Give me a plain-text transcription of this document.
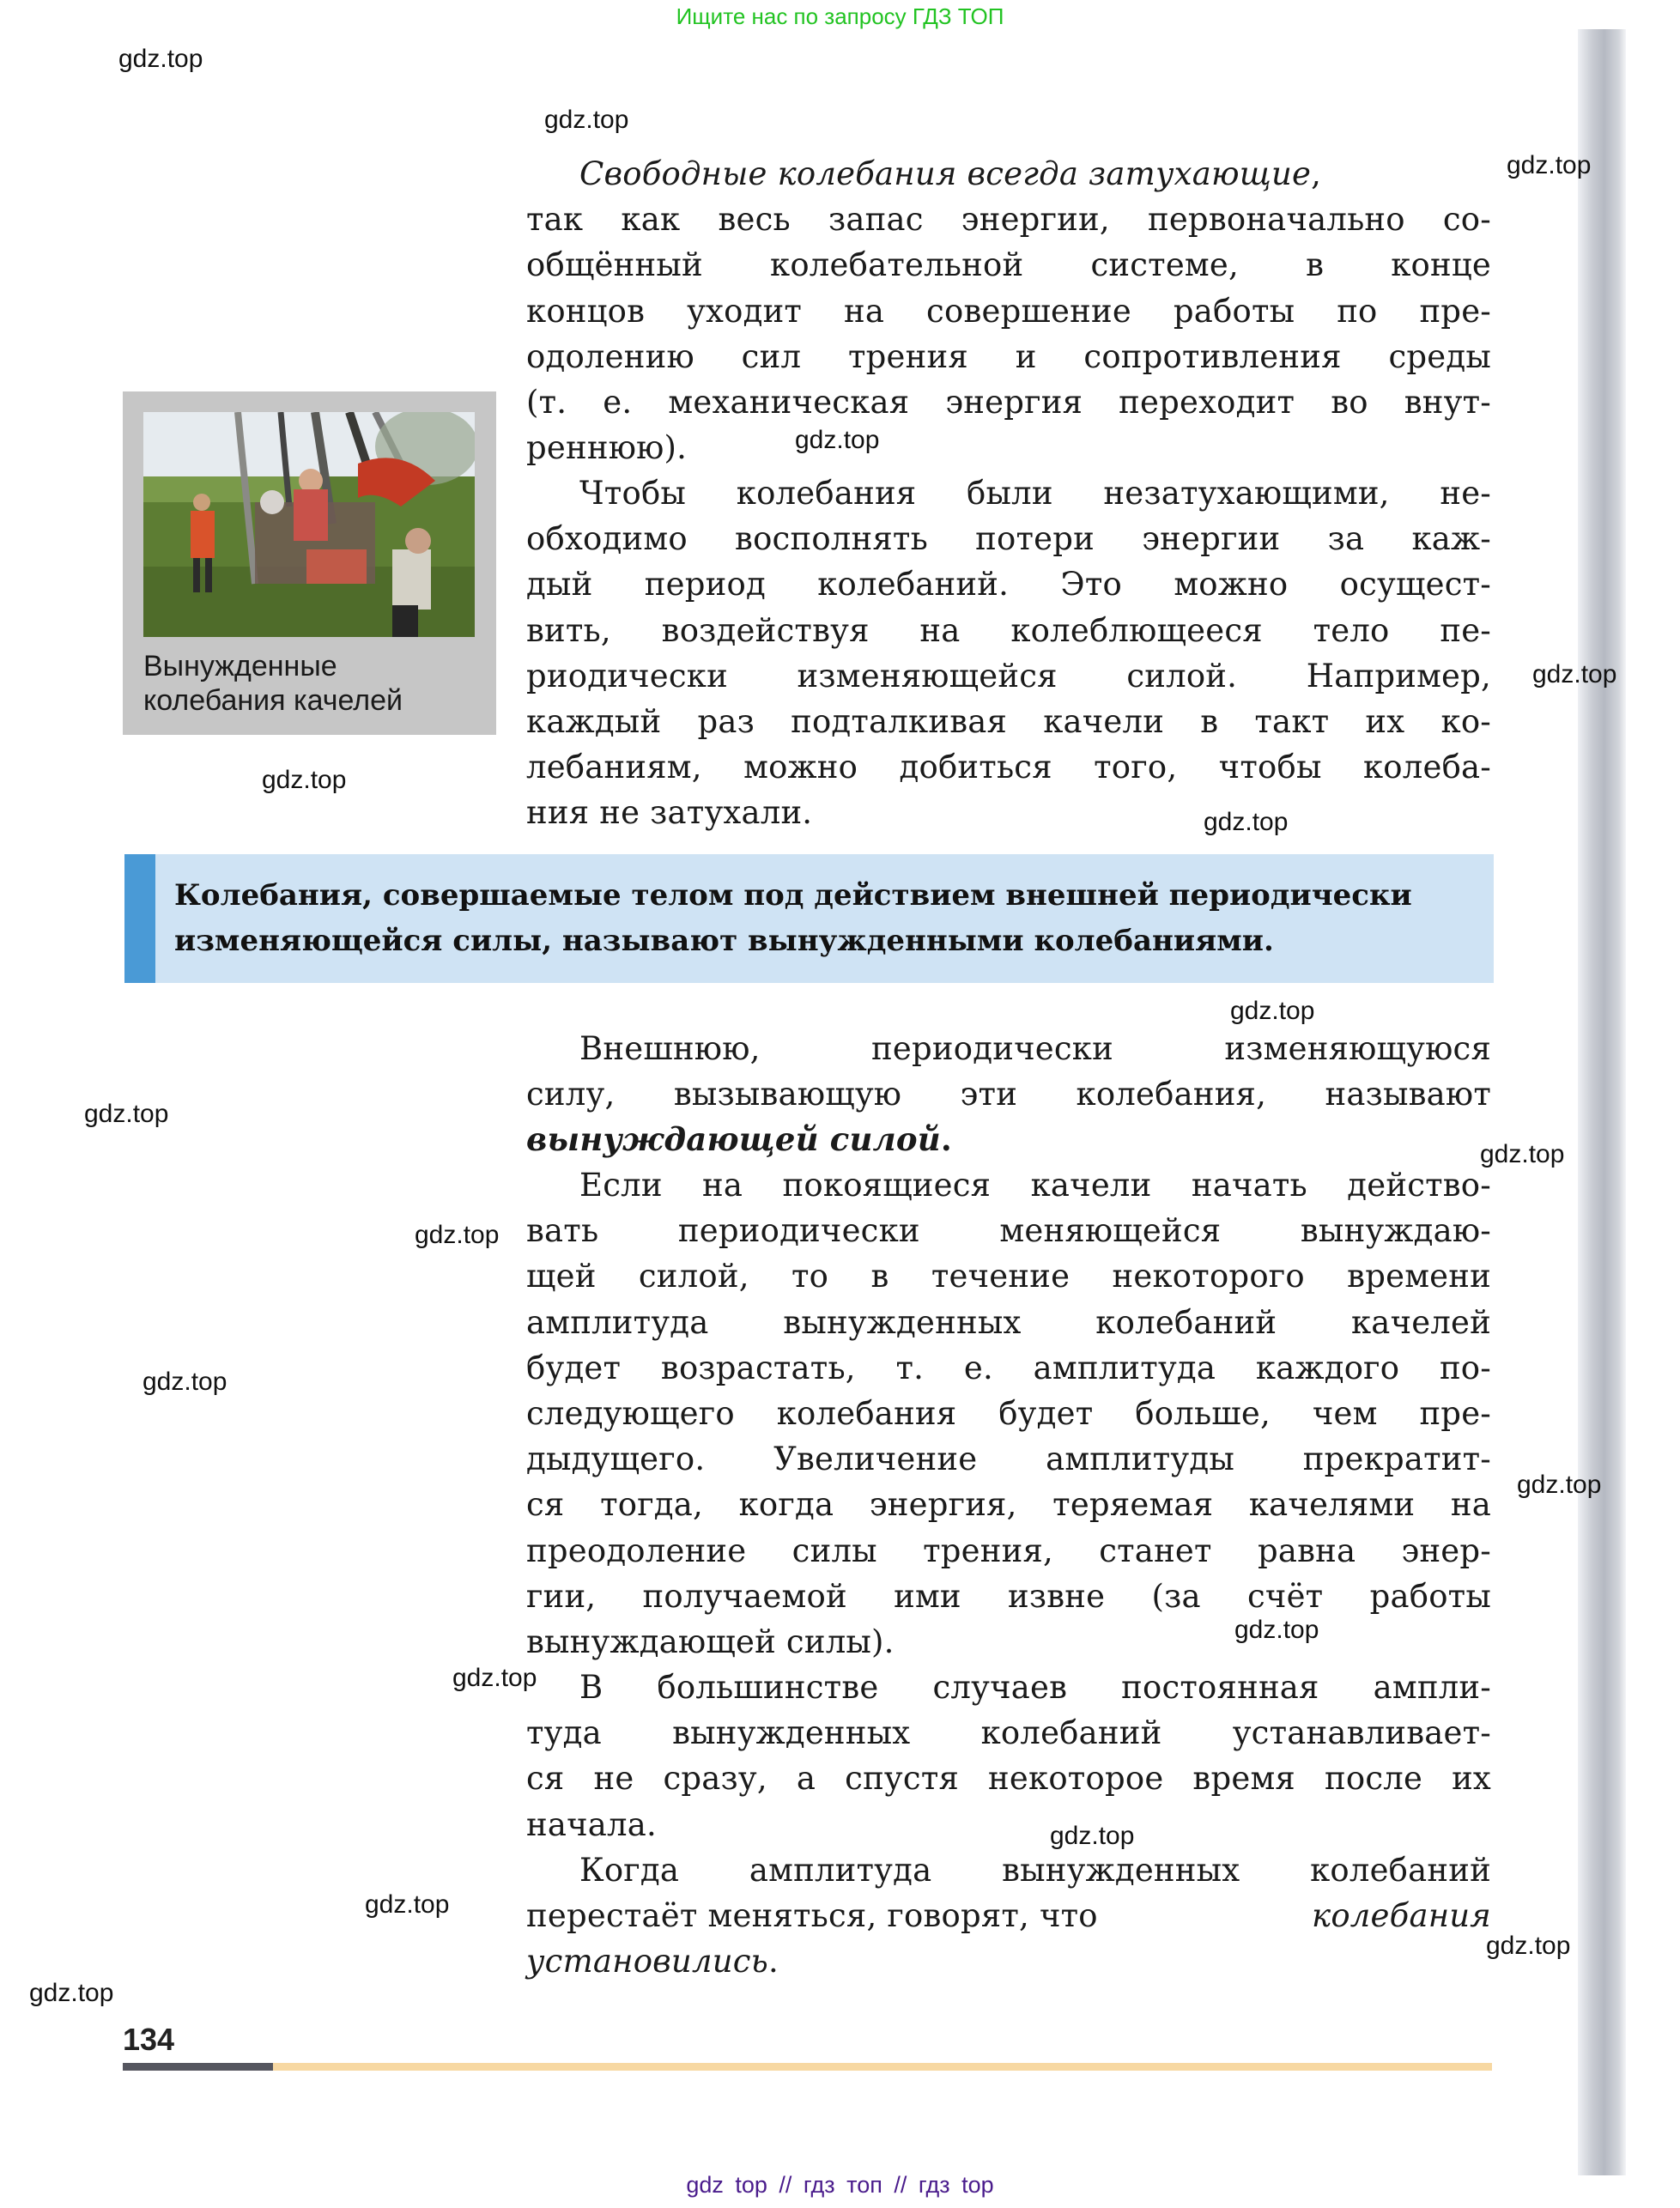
Ищите нас по запросу ГДЗ ТОП
Вынужденные
колебания качелей
Свободные колебания всегда затухающие,
так как весь запас энергии, первоначально со-
общённый колебательной системе, в конце
концов уходит на совершение работы по пре-
одолению сил трения и сопротивления среды
(т. е. механическая энергия переходит во внут-
реннюю).
Чтобы колебания были незатухающими, не-
обходимо восполнять потери энергии за каж-
дый период колебаний. Это можно осущест-
вить, воздействуя на колеблющееся тело пе-
риодически изменяющейся силой. Например,
каждый раз подталкивая качели в такт их ко-
лебаниям, можно добиться того, чтобы колеба-
ния не затухали.
Колебания, совершаемые телом под действием внешней периодически
изменяющейся силы, называют вынужденными колебаниями.
Внешнюю, периодически изменяющуюся
силу, вызывающую эти колебания, называют
вынуждающей силой.
Если на покоящиеся качели начать действо-
вать периодически меняющейся вынуждаю-
щей силой, то в течение некоторого времени
амплитуда вынужденных колебаний качелей
будет возрастать, т. е. амплитуда каждого по-
следующего колебания будет больше, чем пре-
дыдущего. Увеличение амплитуды прекратит-
ся тогда, когда энергия, теряемая качелями на
преодоление силы трения, станет равна энер-
гии, получаемой ими извне (за счёт работы
вынуждающей силы).
В большинстве случаев постоянная ампли-
туда вынужденных колебаний устанавливает-
ся не сразу, а спустя некоторое время после их
начала.
Когда амплитуда вынужденных колебаний
перестаёт меняться, говорят, что	колебания
установились.
134
gdz.top
gdz.top
gdz.top
gdz.top
gdz.top
gdz.top
gdz.top
gdz.top
gdz.top
gdz.top
gdz.top
gdz.top
gdz.top
gdz.top
gdz.top
gdz.top
gdz.top
gdz.top
gdz.top
gdz top // гдз топ // гдз top
